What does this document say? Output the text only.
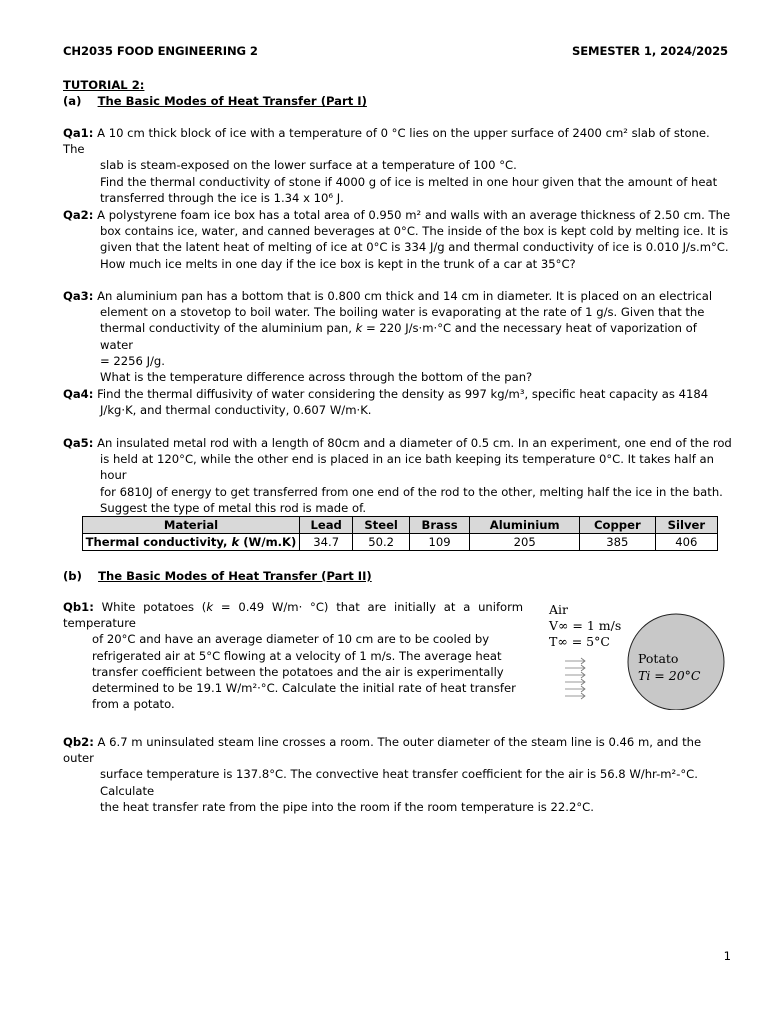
CH2035 FOOD ENGINEERING 2	SEMESTER 1, 2024/2025
TUTORIAL 2:
(a) The Basic Modes of Heat Transfer (Part I)

Qa1: A 10 cm thick block of ice with a temperature of 0 °C lies on the upper surface of 2400 cm² slab of stone. The

slab is steam-exposed on the lower surface at a temperature of 100 °C.

Find the thermal conductivity of stone if 4000 g of ice is melted in one hour given that the amount of heat

transferred through the ice is 1.34 x 10⁶ J.

Qa2: A polystyrene foam ice box has a total area of 0.950 m² and walls with an average thickness of 2.50 cm. The

box contains ice, water, and canned beverages at 0°C. The inside of the box is kept cold by melting ice. It is

given that the latent heat of melting of ice at 0°C is 334 J/g and thermal conductivity of ice is 0.010 J/s.m°C.

How much ice melts in one day if the ice box is kept in the trunk of a car at 35°C?

Qa3: An aluminium pan has a bottom that is 0.800 cm thick and 14 cm in diameter. It is placed on an electrical

element on a stovetop to boil water. The boiling water is evaporating at the rate of 1 g/s. Given that the

thermal conductivity of the aluminium pan, k = 220 J/s·m·°C and the necessary heat of vaporization of water

= 2256 J/g.

What is the temperature difference across through the bottom of the pan?

Qa4: Find the thermal diffusivity of water considering the density as 997 kg/m³, specific heat capacity as 4184

J/kg·K, and thermal conductivity, 0.607 W/m·K.

Qa5: An insulated metal rod with a length of 80cm and a diameter of 0.5 cm. In an experiment, one end of the rod

is held at 120°C, while the other end is placed in an ice bath keeping its temperature 0°C. It takes half an hour

for 6810J of energy to get transferred from one end of the rod to the other, melting half the ice in the bath.

Suggest the type of metal this rod is made of.

Material	Lead	Steel	Brass	Aluminium	Copper	Silver
Thermal conductivity, k (W/m.K)	34.7	50.2	109	205	385	406
(b) The Basic Modes of Heat Transfer (Part II)

Qb1: White potatoes (k = 0.49 W/m· °C) that are initially at a uniform temperature

of 20°C and have an average diameter of 10 cm are to be cooled by

refrigerated air at 5°C flowing at a velocity of 1 m/s. The average heat

transfer coefficient between the potatoes and the air is experimentally

determined to be 19.1 W/m²·°C. Calculate the initial rate of heat transfer

from a potato.

Air
V∞ = 1 m/s
T∞ = 5°C
Potato
Ti = 20°C

Qb2: A 6.7 m uninsulated steam line crosses a room. The outer diameter of the steam line is 0.46 m, and the outer

surface temperature is 137.8°C. The convective heat transfer coefficient for the air is 56.8 W/hr-m²-°C. Calculate

the heat transfer rate from the pipe into the room if the room temperature is 22.2°C.

1
